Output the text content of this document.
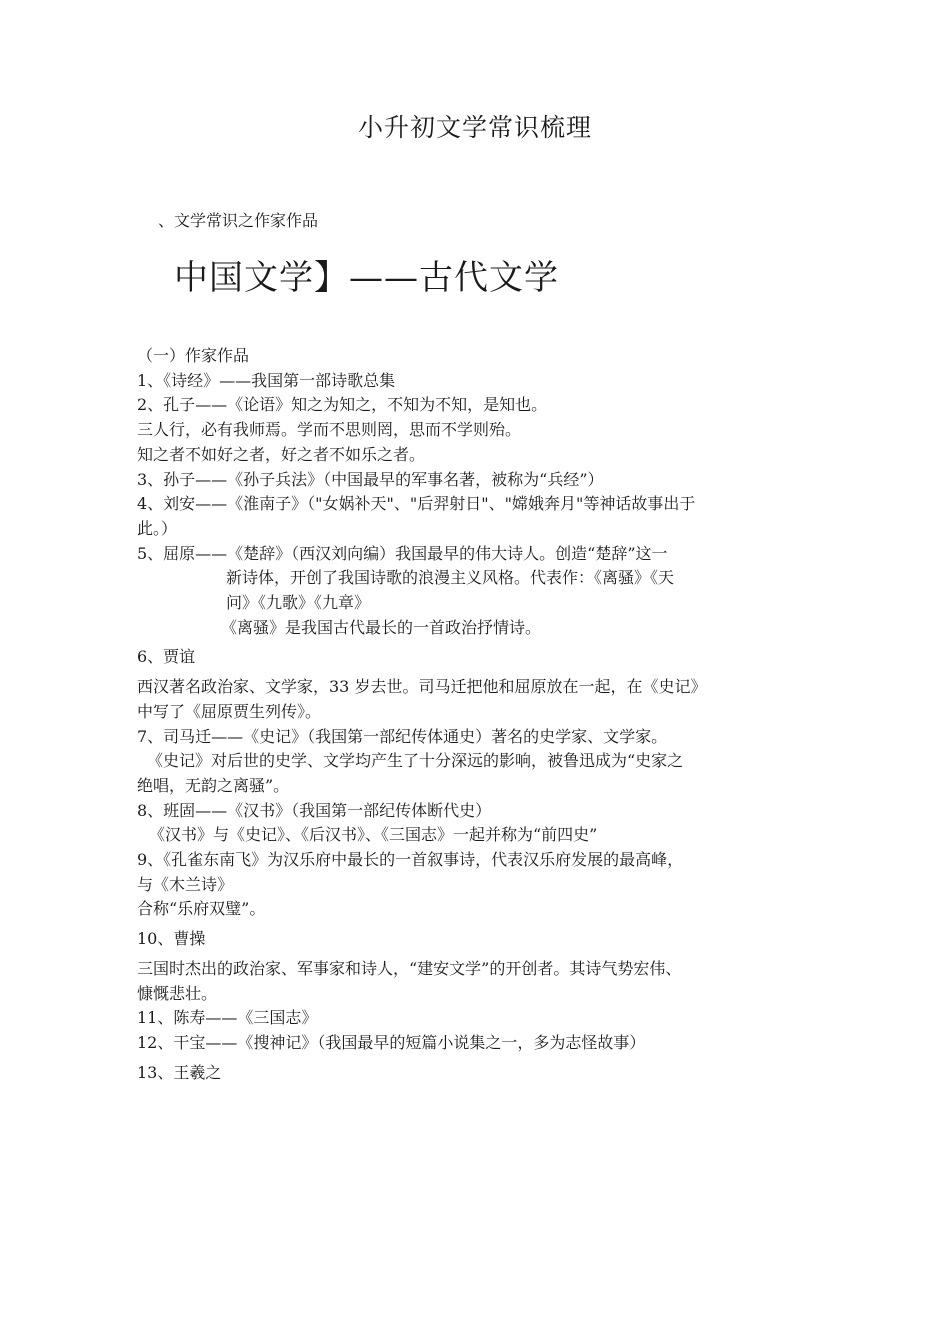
小升初文学常识梳理
、文学常识之作家作品
中国文学】——古代文学

（一）作家作品

1、《诗经》——我国第一部诗歌总集

2、孔子——《论语》知之为知之，不知为不知，是知也。

三人行，必有我师焉。学而不思则罔，思而不学则殆。

知之者不如好之者，好之者不如乐之者。

3、孙子——《孙子兵法》（中国最早的军事名著，被称为“兵经”）

4、刘安——《淮南子》（"女娲补天"、"后羿射日"、"嫦娥奔月"等神话故事出于

此。）

5、屈原——《楚辞》（西汉刘向编）我国最早的伟大诗人。创造“楚辞”这一

新诗体，开创了我国诗歌的浪漫主义风格。代表作：《离骚》《天

问》《九歌》《九章》

《离骚》是我国古代最长的一首政治抒情诗。

6、贾谊

西汉著名政治家、文学家，33 岁去世。司马迁把他和屈原放在一起，在《史记》

中写了《屈原贾生列传》。

7、司马迁——《史记》（我国第一部纪传体通史）著名的史学家、文学家。

《史记》对后世的史学、文学均产生了十分深远的影响，被鲁迅成为“史家之

绝唱，无韵之离骚”。

8、班固——《汉书》（我国第一部纪传体断代史）

《汉书》与《史记》、《后汉书》、《三国志》一起并称为“前四史”

9、《孔雀东南飞》为汉乐府中最长的一首叙事诗，代表汉乐府发展的最高峰，

与《木兰诗》

合称“乐府双璧”。

10、曹操

三国时杰出的政治家、军事家和诗人，“建安文学”的开创者。其诗气势宏伟、

慷慨悲壮。

11、陈寿——《三国志》

12、干宝——《搜神记》（我国最早的短篇小说集之一，多为志怪故事）

13、王羲之
